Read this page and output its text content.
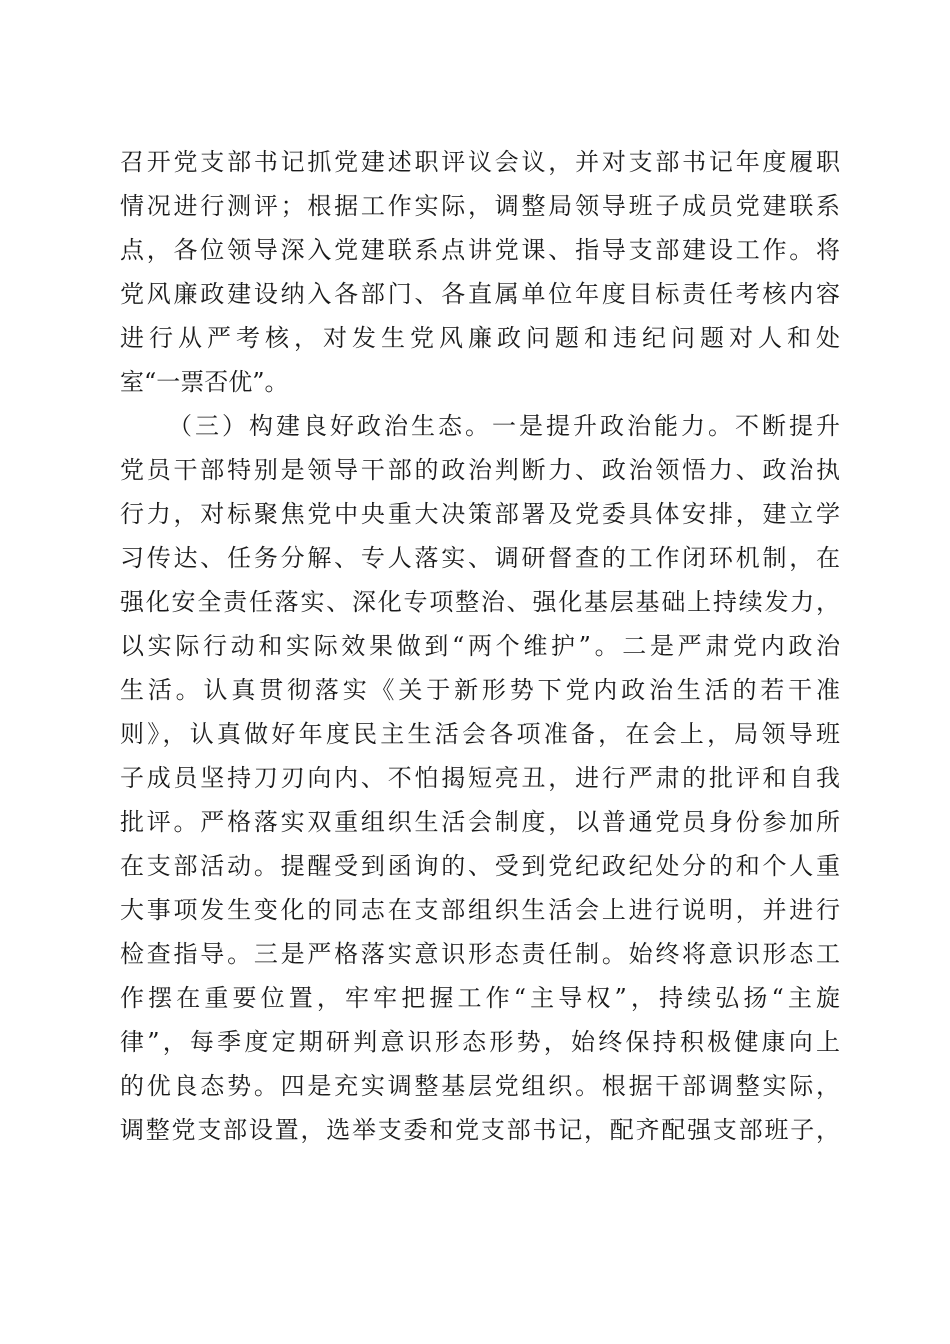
召开党支部书记抓党建述职评议会议，并对支部书记年度履职
情况进行测评；根据工作实际，调整局领导班子成员党建联系
点，各位领导深入党建联系点讲党课、指导支部建设工作。将
党风廉政建设纳入各部门、各直属单位年度目标责任考核内容
进行从严考核，对发生党风廉政问题和违纪问题对人和处
室“一票否优”。
（三）构建良好政治生态。一是提升政治能力。不断提升
党员干部特别是领导干部的政治判断力、政治领悟力、政治执
行力，对标聚焦党中央重大决策部署及党委具体安排，建立学
习传达、任务分解、专人落实、调研督查的工作闭环机制，在
强化安全责任落实、深化专项整治、强化基层基础上持续发力，
以实际行动和实际效果做到“两个维护”。二是严肃党内政治
生活。认真贯彻落实《关于新形势下党内政治生活的若干准
则》，认真做好年度民主生活会各项准备，在会上，局领导班
子成员坚持刀刃向内、不怕揭短亮丑，进行严肃的批评和自我
批评。严格落实双重组织生活会制度，以普通党员身份参加所
在支部活动。提醒受到函询的、受到党纪政纪处分的和个人重
大事项发生变化的同志在支部组织生活会上进行说明，并进行
检查指导。三是严格落实意识形态责任制。始终将意识形态工
作摆在重要位置，牢牢把握工作“主导权”，持续弘扬“主旋
律”，每季度定期研判意识形态形势，始终保持积极健康向上
的优良态势。四是充实调整基层党组织。根据干部调整实际，
调整党支部设置，选举支委和党支部书记，配齐配强支部班子，
